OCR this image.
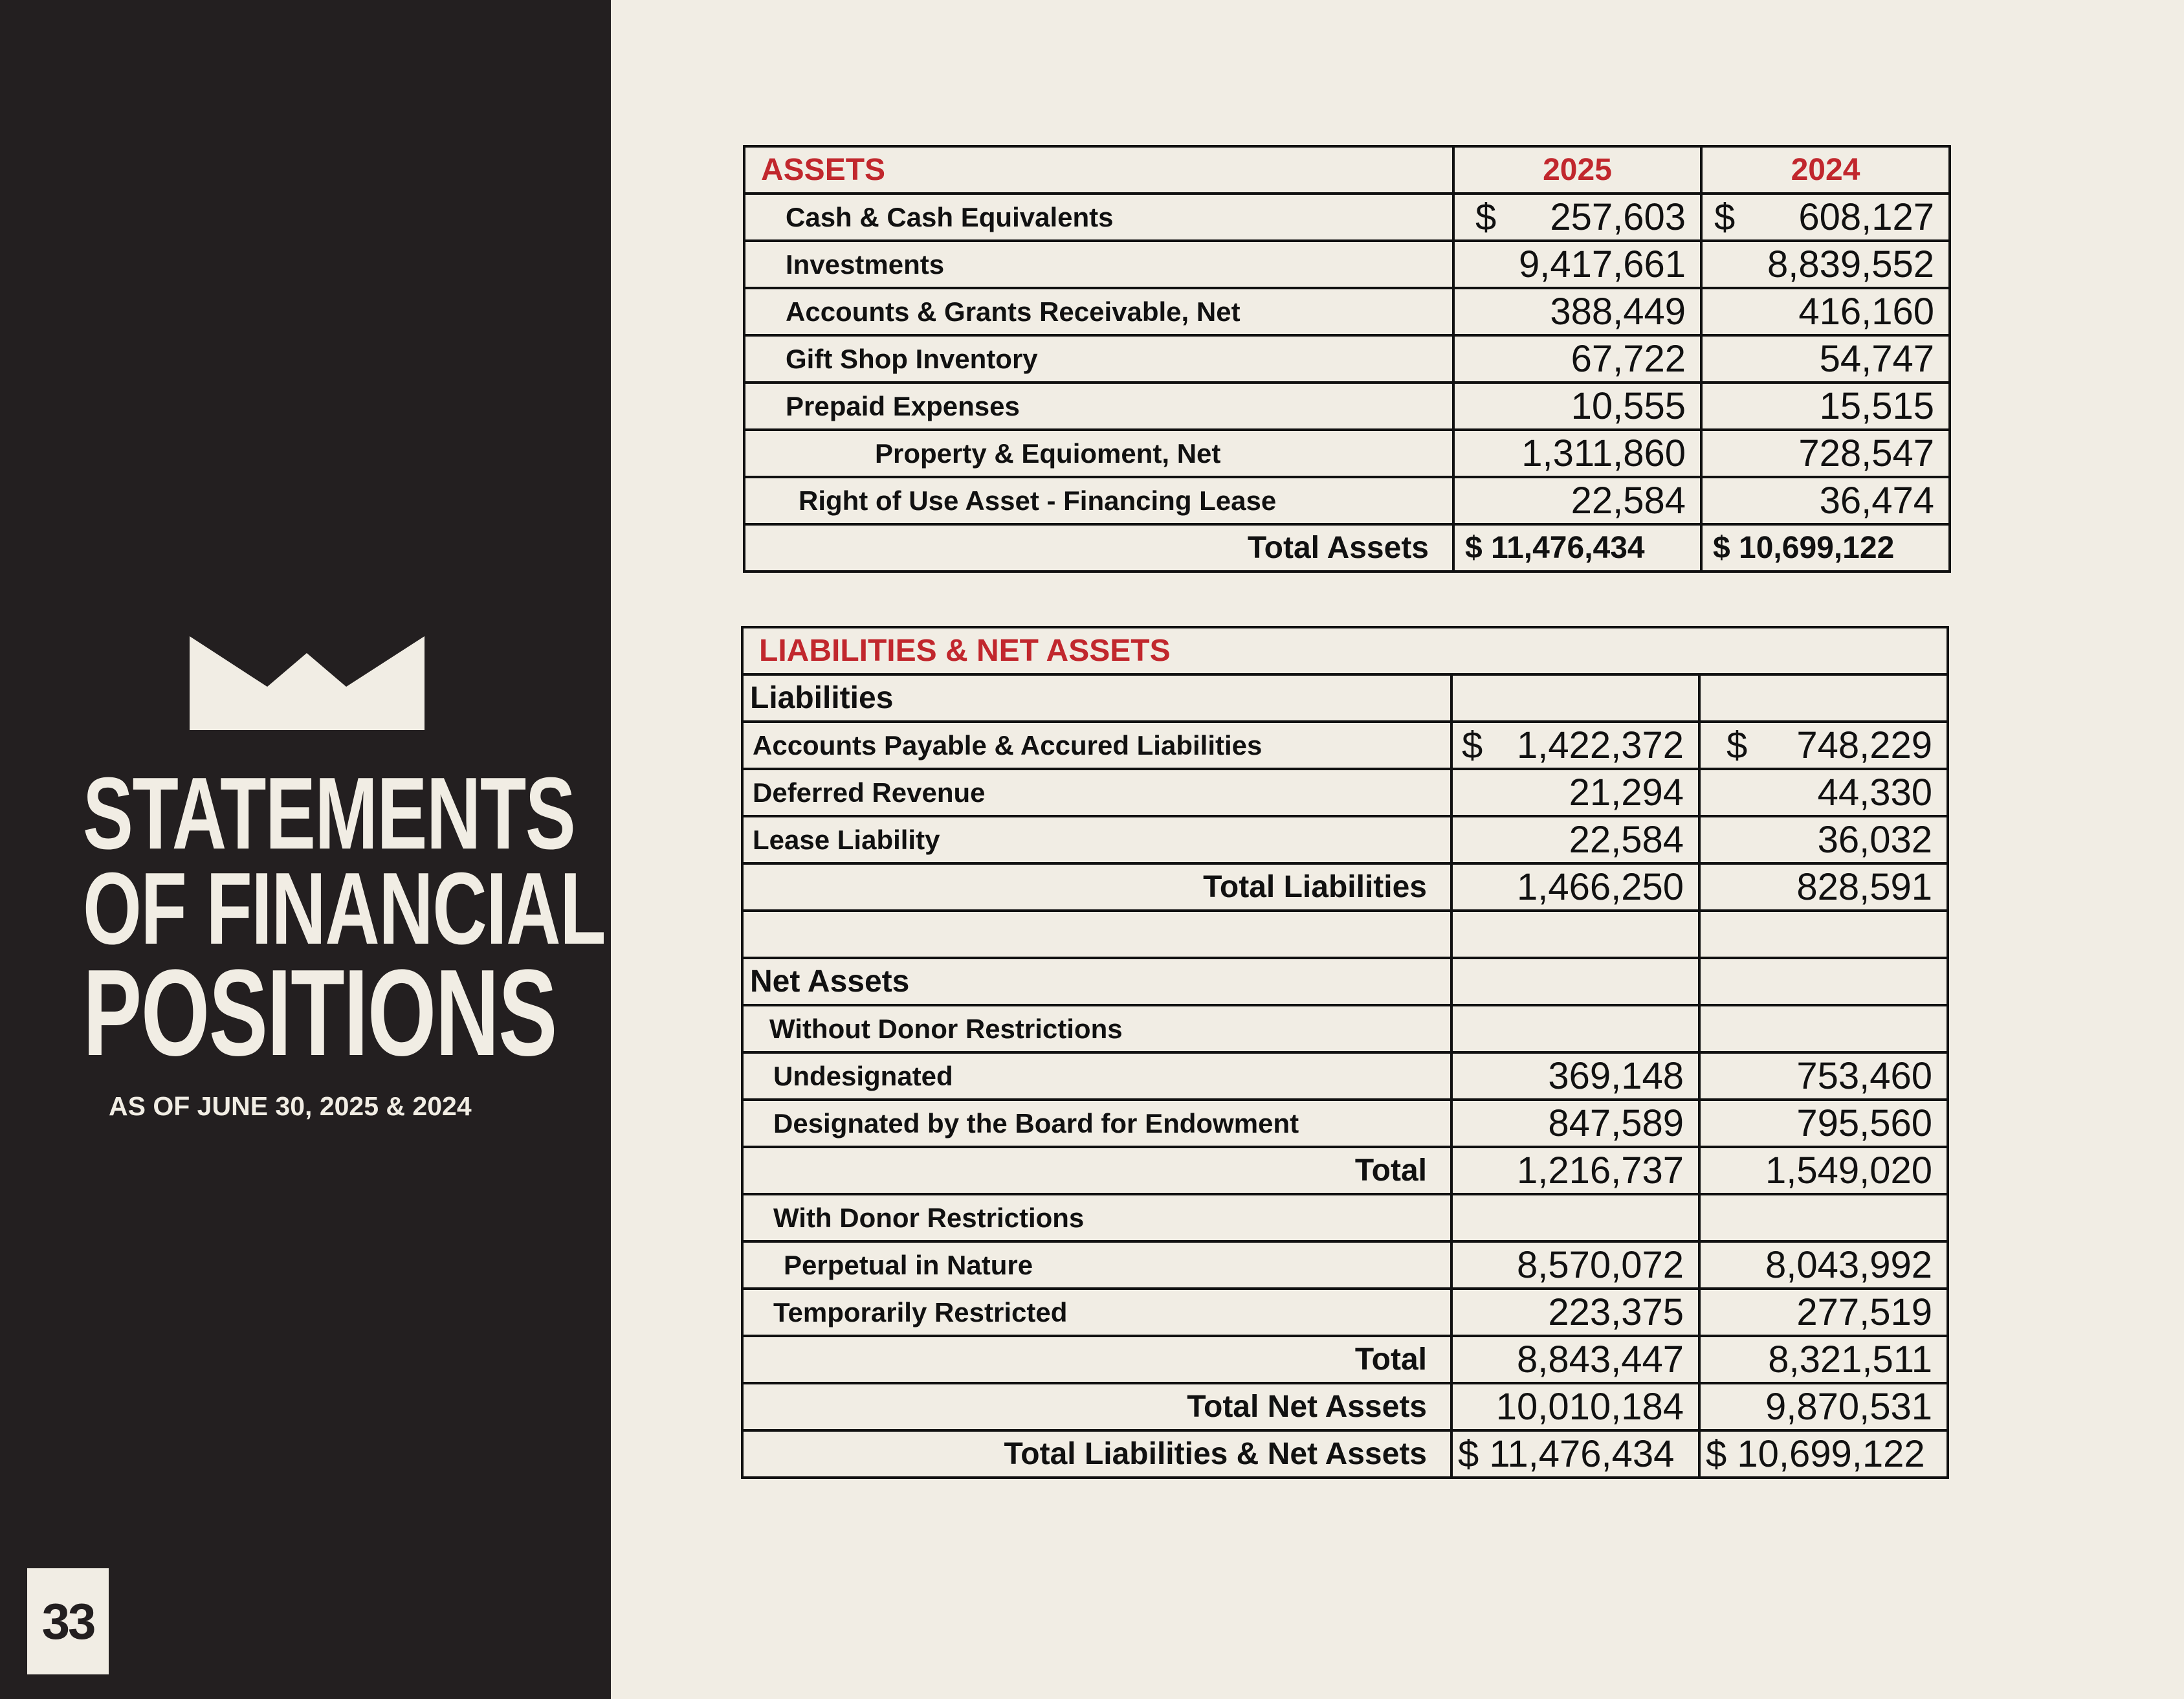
STATEMENTS
OF FINANCIAL
POSITIONS
AS OF JUNE 30, 2025 & 2024
33
ASSETS	2025	2024
Cash & Cash Equivalents	$ 257,603	$ 608,127
Investments	9,417,661	8,839,552
Accounts & Grants Receivable, Net	388,449	416,160
Gift Shop Inventory	67,722	54,747
Prepaid Expenses	10,555	15,515
Property & Equioment, Net	1,311,860	728,547
Right of Use Asset - Financing Lease	22,584	36,474
Total Assets	$ 11,476,434	$ 10,699,122
LIABILITIES & NET ASSETS		
Liabilities		
Accounts Payable & Accured Liabilities	$ 1,422,372	$ 748,229
Deferred Revenue	21,294	44,330
Lease Liability	22,584	36,032
Total Liabilities	1,466,250	828,591

Net Assets		
Without Donor Restrictions		
Undesignated	369,148	753,460
Designated by the Board for Endowment	847,589	795,560
Total	1,216,737	1,549,020
With Donor Restrictions		
Perpetual in Nature	8,570,072	8,043,992
Temporarily Restricted	223,375	277,519
Total	8,843,447	8,321,511
Total Net Assets	10,010,184	9,870,531
Total Liabilities & Net Assets	$ 11,476,434	$ 10,699,122
